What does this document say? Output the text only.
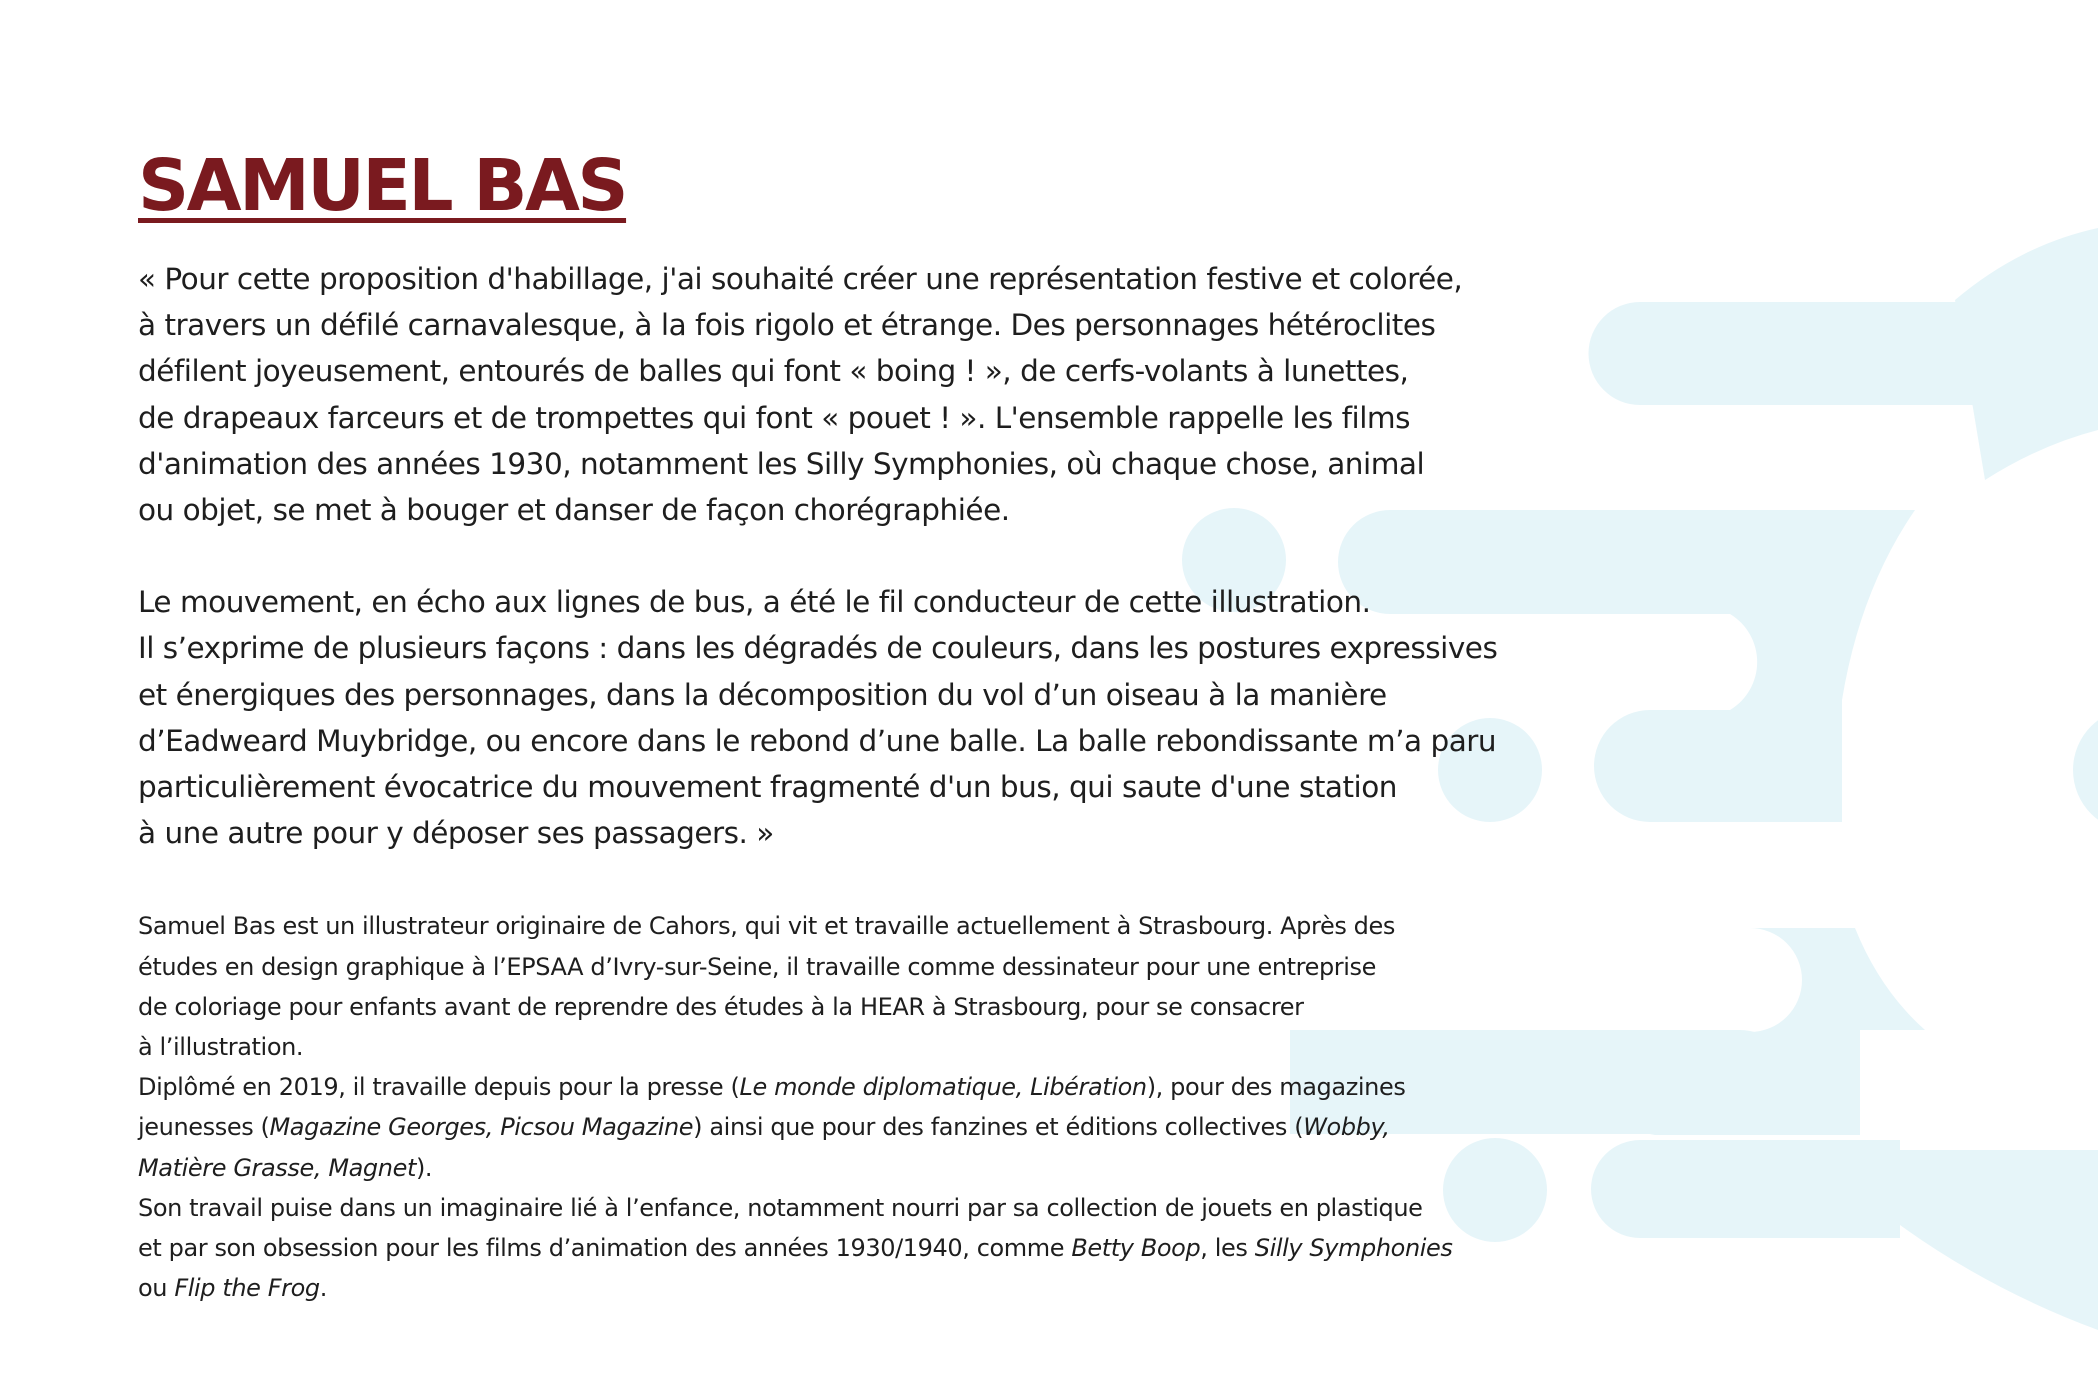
SAMUEL BAS

« Pour cette proposition d'habillage, j'ai souhaité créer une représentation festive et colorée,
à travers un défilé carnavalesque, à la fois rigolo et étrange. Des personnages hétéroclites
défilent joyeusement, entourés de balles qui font « boing ! », de cerfs-volants à lunettes,
de drapeaux farceurs et de trompettes qui font « pouet ! ». L'ensemble rappelle les films
d'animation des années 1930, notamment les Silly Symphonies, où chaque chose, animal
ou objet, se met à bouger et danser de façon chorégraphiée.

Le mouvement, en écho aux lignes de bus, a été le fil conducteur de cette illustration.
Il s’exprime de plusieurs façons : dans les dégradés de couleurs, dans les postures expressives
et énergiques des personnages, dans la décomposition du vol d’un oiseau à la manière
d’Eadweard Muybridge, ou encore dans le rebond d’une balle. La balle rebondissante m’a paru
particulièrement évocatrice du mouvement fragmenté d'un bus, qui saute d'une station
à une autre pour y déposer ses passagers. »

Samuel Bas est un illustrateur originaire de Cahors, qui vit et travaille actuellement à Strasbourg. Après des
études en design graphique à l’EPSAA d’Ivry-sur-Seine, il travaille comme dessinateur pour une entreprise
de coloriage pour enfants avant de reprendre des études à la HEAR à Strasbourg, pour se consacrer
à l’illustration.
Diplômé en 2019, il travaille depuis pour la presse (Le monde diplomatique, Libération), pour des magazines
jeunesses (Magazine Georges, Picsou Magazine) ainsi que pour des fanzines et éditions collectives (Wobby,
Matière Grasse, Magnet).
Son travail puise dans un imaginaire lié à l’enfance, notamment nourri par sa collection de jouets en plastique
et par son obsession pour les films d’animation des années 1930/1940, comme Betty Boop, les Silly Symphonies
ou Flip the Frog.
